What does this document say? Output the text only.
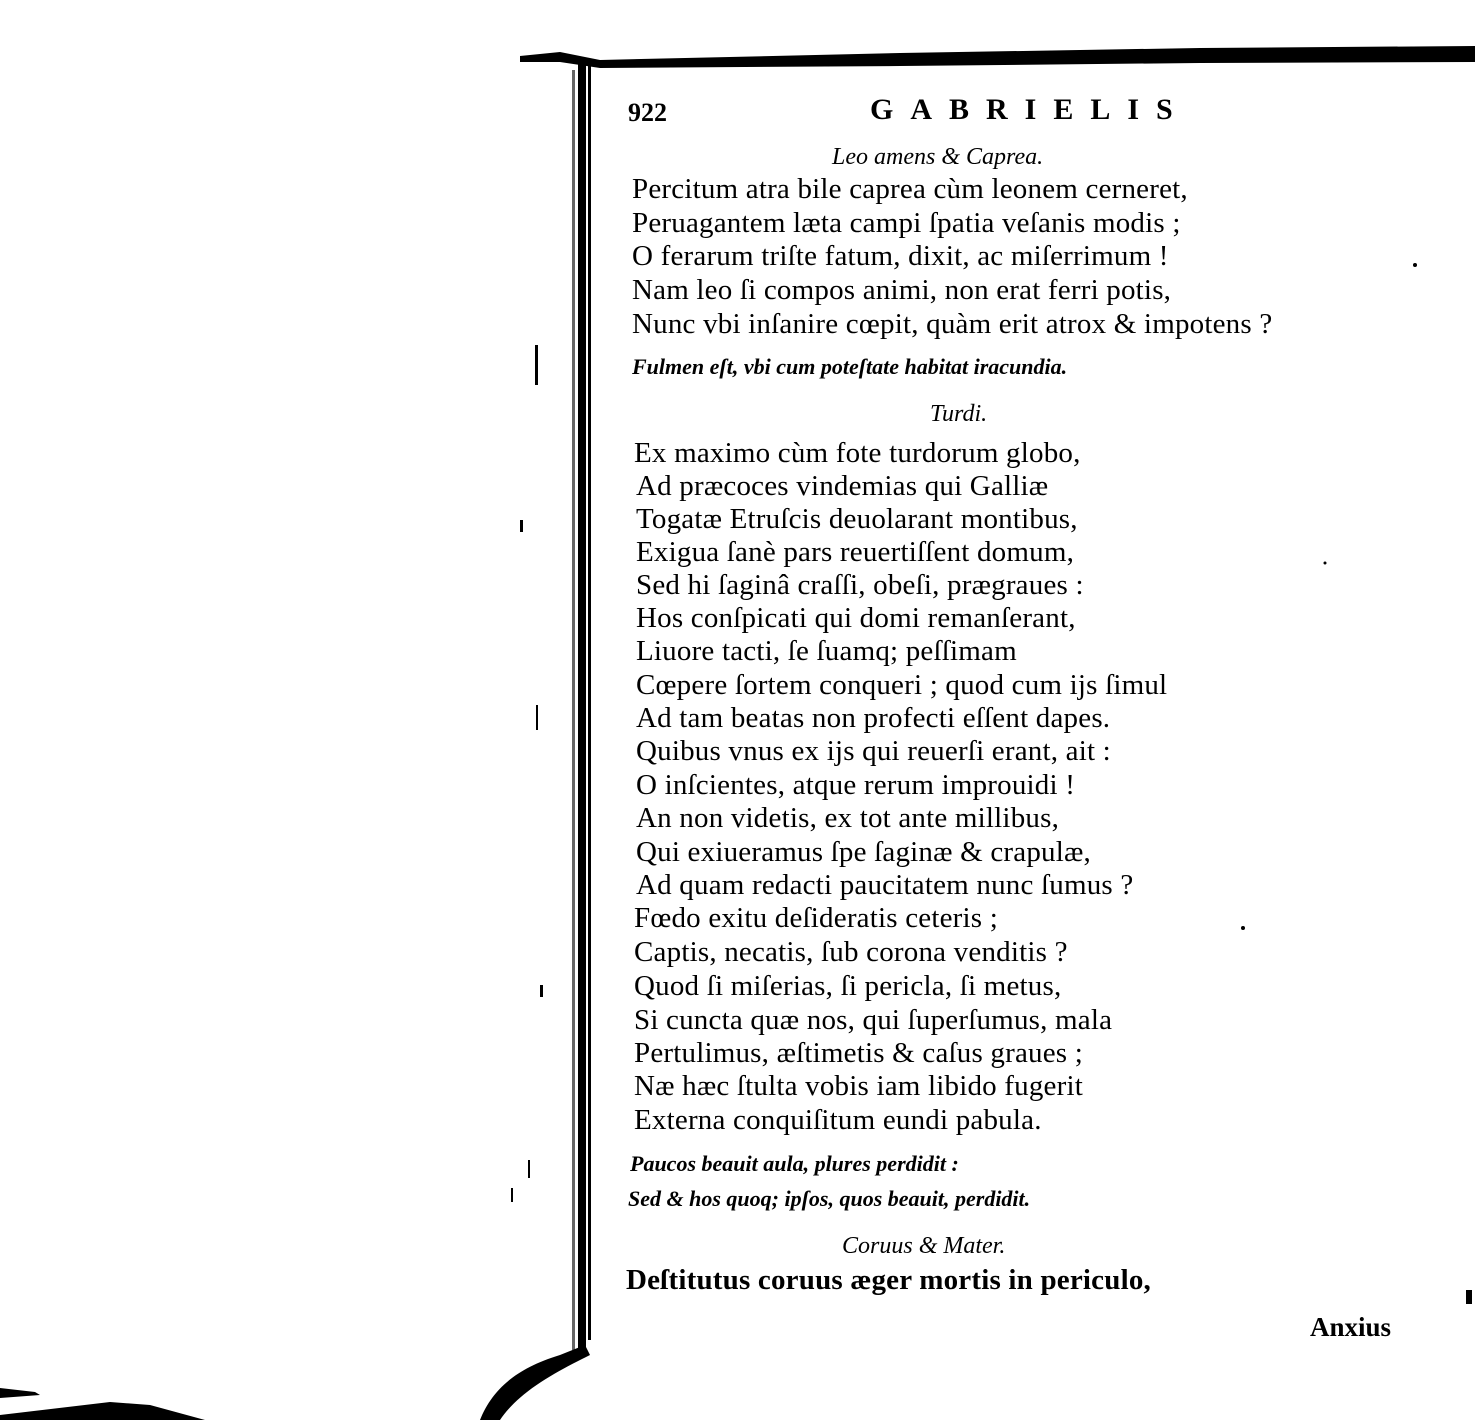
922	GABRIELIS
Leo amens & Caprea.
Percitum atra bile caprea cùm leonem cerneret,
Peruagantem læta campi ſpatia veſanis modis ;
O ferarum triſte fatum, dixit, ac miſerrimum !
Nam leo ſi compos animi, non erat ferri potis,
Nunc vbi inſanire cœpit, quàm erit atrox & impotens ?
Fulmen eſt, vbi cum poteſtate habitat iracundia.
Turdi.
Ex maximo cùm fote turdorum globo,
Ad præcoces vindemias qui Galliæ
Togatæ Etruſcis deuolarant montibus,
Exigua ſanè pars reuertiſſent domum,
Sed hi ſaginâ craſſi, obeſi, prægraues :
Hos conſpicati qui domi remanſerant,
Liuore tacti, ſe ſuamq; peſſimam
Cœpere ſortem conqueri ; quod cum ijs ſimul
Ad tam beatas non profecti eſſent dapes.
Quibus vnus ex ijs qui reuerſi erant, ait :
O inſcientes, atque rerum improuidi !
An non videtis, ex tot ante millibus,
Qui exiueramus ſpe ſaginæ & crapulæ,
Ad quam redacti paucitatem nunc ſumus ?
Fœdo exitu deſideratis ceteris ;
Captis, necatis, ſub corona venditis ?
Quod ſi miſerias, ſi pericla, ſi metus,
Si cuncta quæ nos, qui ſuperſumus, mala
Pertulimus, æſtimetis & caſus graues ;
Næ hæc ſtulta vobis iam libido fugerit
Externa conquiſitum eundi pabula.
Paucos beauit aula, plures perdidit :
Sed & hos quoq; ipſos, quos beauit, perdidit.
Coruus & Mater.
Deſtitutus coruus æger mortis in periculo,
Anxius
